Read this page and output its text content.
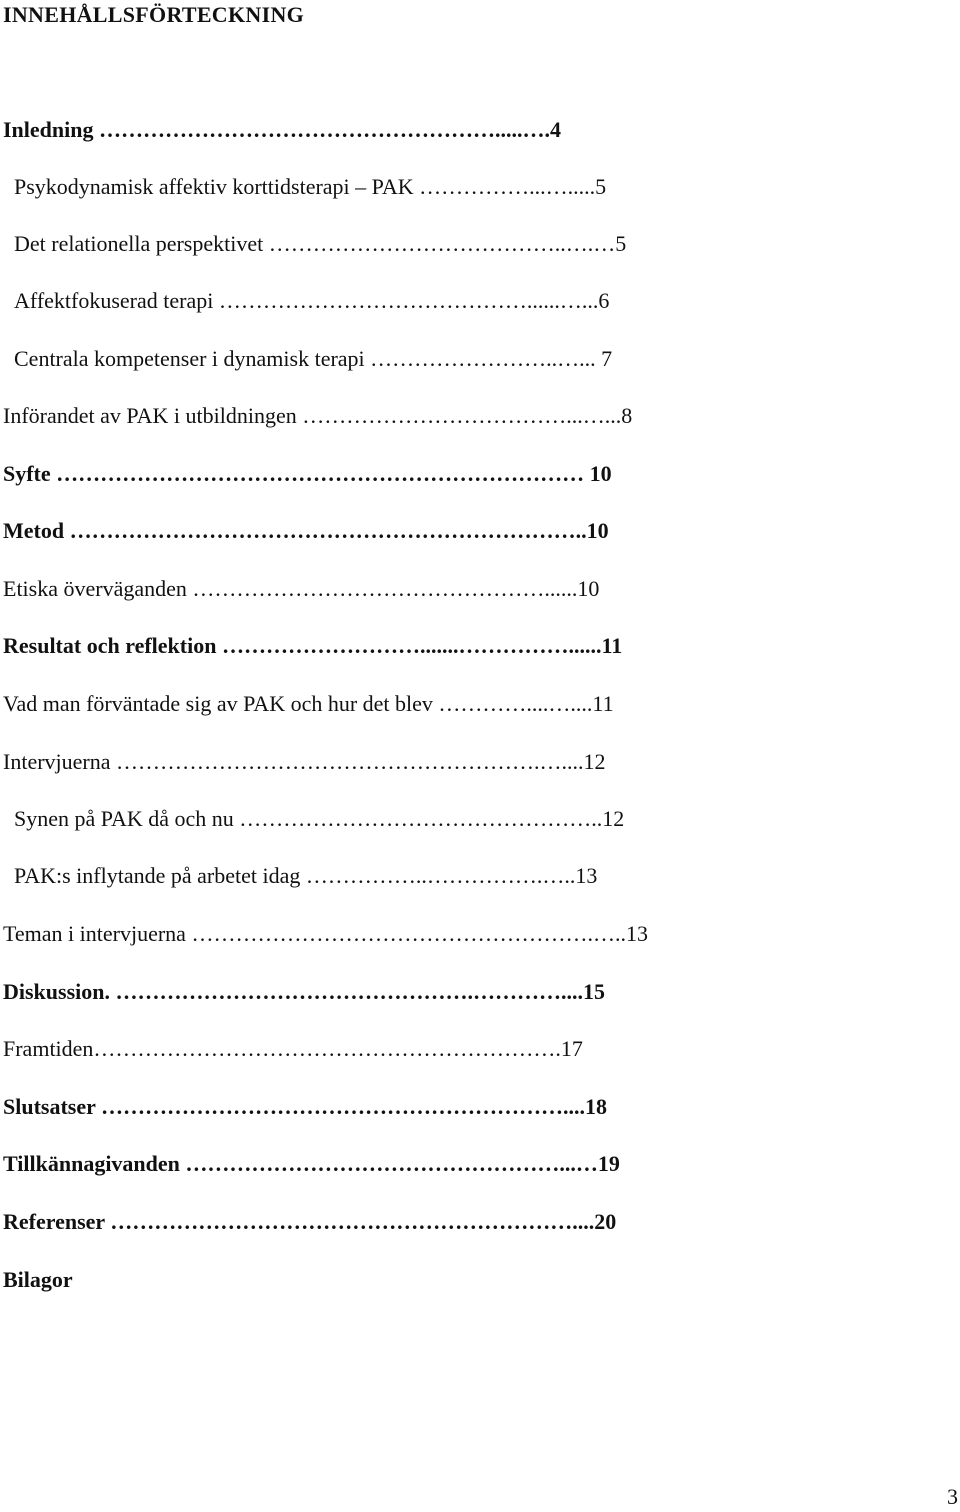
INNEHÅLLSFÖRTECKNING
Inledning ……………………………………………….....….4
Psykodynamisk affektiv korttidsterapi – PAK ……………...….....5
Det relationella perspektivet …………………………………..….…5
Affektfokuserad terapi ……………………………………......…...6
Centrala kompetenser i dynamisk terapi ……………………..…... 7
Införandet av PAK i utbildningen ………………………………...…...8
Syfte ……………………………………………………………… 10
Metod ……………………………………………………………..10
Etiska överväganden …………………………………………......10
Resultat och reflektion ……………………….......……………......11
Vad man förväntade sig av PAK och hur det blev …………....…....11
Intervjuerna ………………………………………………….…....12
Synen på PAK då och nu …………………………………………..12
PAK:s inflytande på arbetet idag ……………..…………….…..13
Teman i intervjuerna ……………………………………………….…..13
Diskussion. ………………………………………….…………....15
Framtiden……………………………………………………….17
Slutsatser ………………………………………………………....18
Tillkännagivanden ……………………………………………...…19
Referenser ………………………………………………………....20
Bilagor
3
